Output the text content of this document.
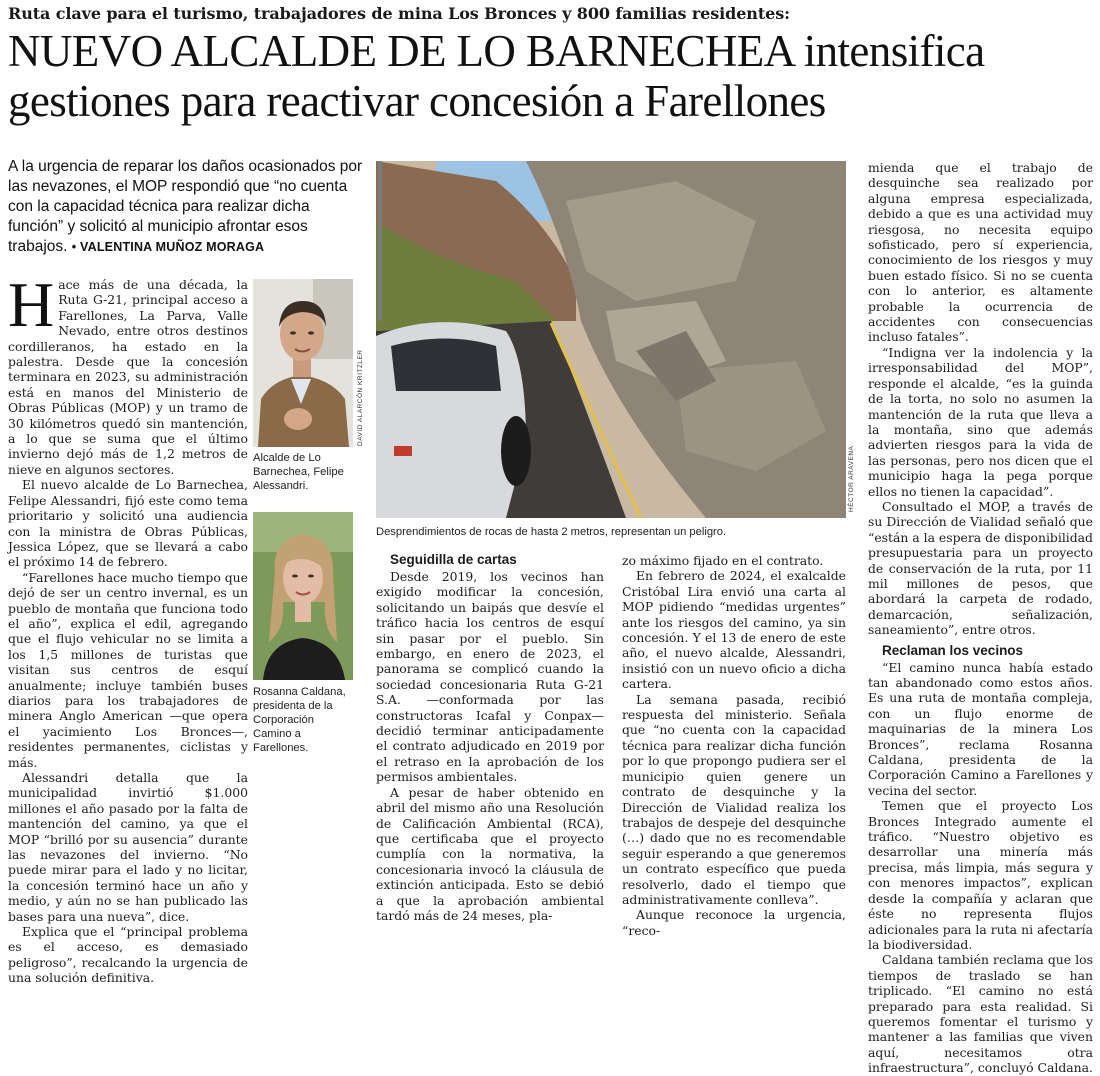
Ruta clave para el turismo, trabajadores de mina Los Bronces y 800 familias residentes:
NUEVO ALCALDE DE LO BARNECHEA intensifica
gestiones para reactivar concesión a Farellones
A la urgencia de reparar los daños ocasionados por las nevazones, el MOP respondió que “no cuenta con la capacidad técnica para realizar dicha función” y solicitó al municipio afrontar esos trabajos. • VALENTINA MUÑOZ MORAGA

Hace más de una década, la Ruta G-21, principal acceso a Farellones, La Parva, Valle Nevado, entre otros destinos cordilleranos, ha estado en la palestra. Desde que la concesión terminara en 2023, su administración está en manos del Ministerio de Obras Públicas (MOP) y un tramo de 30 kilómetros quedó sin mantención, a lo que se suma que el último invierno dejó más de 1,2 metros de nieve en algunos sectores.

El nuevo alcalde de Lo Barnechea, Felipe Alessandri, fijó este como tema prioritario y solicitó una audiencia con la ministra de Obras Públicas, Jessica López, que se llevará a cabo el próximo 14 de febrero.

“Farellones hace mucho tiempo que dejó de ser un centro invernal, es un pueblo de montaña que funciona todo el año”, explica el edil, agregando que el flujo vehicular no se limita a los 1,5 millones de turistas que visitan sus centros de esquí anualmente; incluye también buses diarios para los trabajadores de minera Anglo American —que opera el yacimiento Los Bronces—, residentes permanentes, ciclistas y más.

Alessandri detalla que la municipalidad invirtió $1.000 millones el año pasado por la falta de mantención del camino, ya que el MOP “brilló por su ausencia” durante las nevazones del invierno. “No puede mirar para el lado y no licitar, la concesión terminó hace un año y medio, y aún no se han publicado las bases para una nueva”, dice.

Explica que el “principal problema es el acceso, es demasiado peligroso”, recalcando la urgencia de una solución definitiva.

DAVID ALARCÓN KRITZLER
Alcalde de Lo Barnechea, Felipe Alessandri.
Rosanna Caldana, presidenta de la Corporación Camino a Farellones.
HÉCTOR ARAVENA
Desprendimientos de rocas de hasta 2 metros, representan un peligro.

Seguidilla de cartas

Desde 2019, los vecinos han exigido modificar la concesión, solicitando un baipás que desvíe el tráfico hacia los centros de esquí sin pasar por el pueblo. Sin embargo, en enero de 2023, el panorama se complicó cuando la sociedad concesionaria Ruta G-21 S.A. —conformada por las constructoras Icafal y Conpax— decidió terminar anticipadamente el contrato adjudicado en 2019 por el retraso en la aprobación de los permisos ambientales.

A pesar de haber obtenido en abril del mismo año una Resolución de Calificación Ambiental (RCA), que certificaba que el proyecto cumplía con la normativa, la concesionaria invocó la cláusula de extinción anticipada. Esto se debió a que la aprobación ambiental tardó más de 24 meses, pla-

zo máximo fijado en el contrato.

En febrero de 2024, el exalcalde Cristóbal Lira envió una carta al MOP pidiendo “medidas urgentes” ante los riesgos del camino, ya sin concesión. Y el 13 de enero de este año, el nuevo alcalde, Alessandri, insistió con un nuevo oficio a dicha cartera.

La semana pasada, recibió respuesta del ministerio. Señala que “no cuenta con la capacidad técnica para realizar dicha función por lo que propongo pudiera ser el municipio quien genere un contrato de desquinche y la Dirección de Vialidad realiza los trabajos de despeje del desquinche (…) dado que no es recomendable seguir esperando a que generemos un contrato específico que pueda resolverlo, dado el tiempo que administrativamente conlleva”.

Aunque reconoce la urgencia, “reco-

mienda que el trabajo de desquinche sea realizado por alguna empresa especializada, debido a que es una actividad muy riesgosa, no necesita equipo sofisticado, pero sí experiencia, conocimiento de los riesgos y muy buen estado físico. Si no se cuenta con lo anterior, es altamente probable la ocurrencia de accidentes con consecuencias incluso fatales”.

“Indigna ver la indolencia y la irresponsabilidad del MOP”, responde el alcalde, “es la guinda de la torta, no solo no asumen la mantención de la ruta que lleva a la montaña, sino que además advierten riesgos para la vida de las personas, pero nos dicen que el municipio haga la pega porque ellos no tienen la capacidad”.

Consultado el MOP, a través de su Dirección de Vialidad señaló que “están a la espera de disponibilidad presupuestaria para un proyecto de conservación de la ruta, por 11 mil millones de pesos, que abordará la carpeta de rodado, demarcación, señalización, saneamiento”, entre otros.

Reclaman los vecinos

“El camino nunca había estado tan abandonado como estos años. Es una ruta de montaña compleja, con un flujo enorme de maquinarias de la minera Los Bronces”, reclama Rosanna Caldana, presidenta de la Corporación Camino a Farellones y vecina del sector.

Temen que el proyecto Los Bronces Integrado aumente el tráfico. “Nuestro objetivo es desarrollar una minería más precisa, más limpia, más segura y con menores impactos”, explican desde la compañía y aclaran que éste no representa flujos adicionales para la ruta ni afectaría la biodiversidad.

Caldana también reclama que los tiempos de traslado se han triplicado. “El camino no está preparado para esta realidad. Si queremos fomentar el turismo y mantener a las familias que viven aquí, necesitamos otra infraestructura”, concluyó Caldana.
